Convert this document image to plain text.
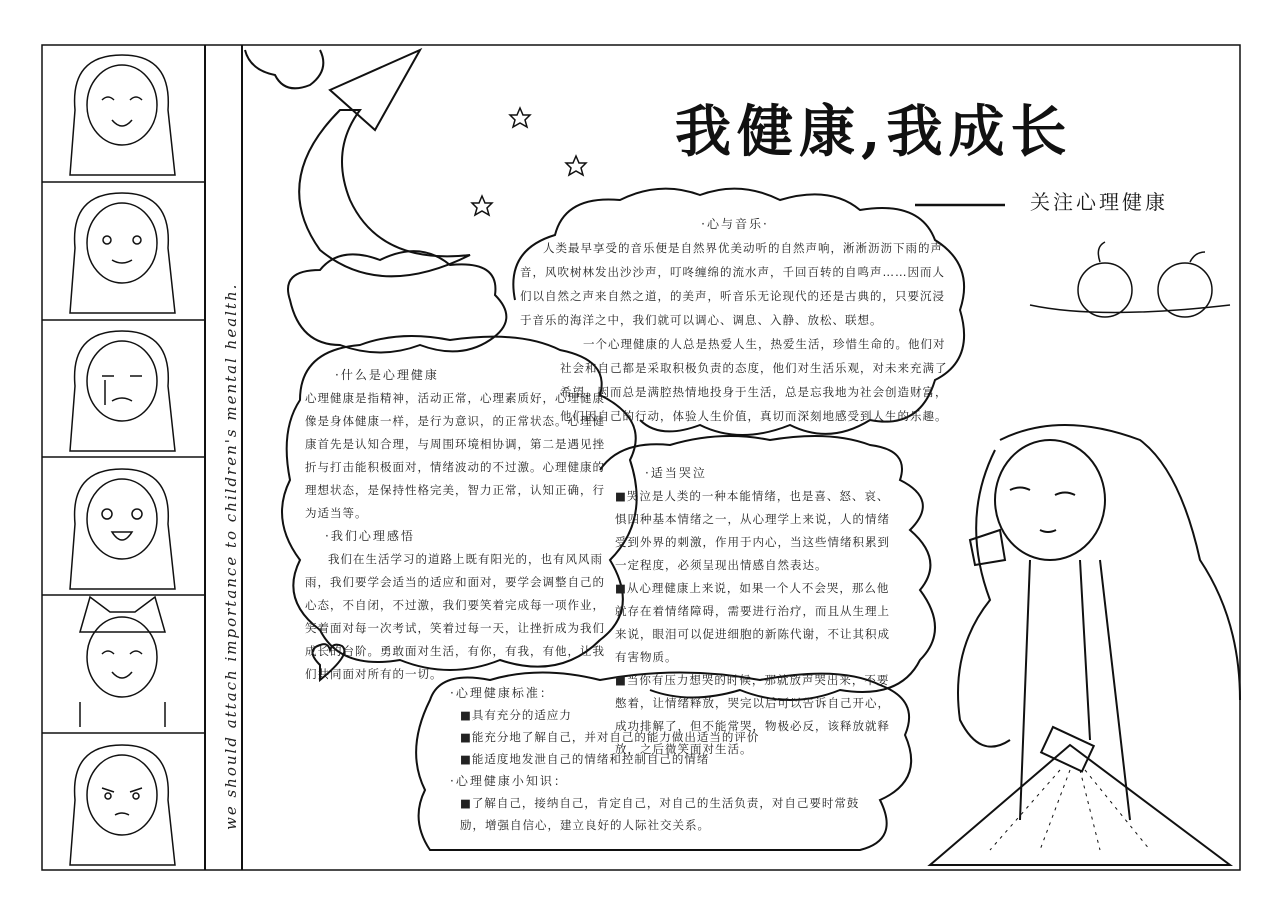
我健康,我成长
关注心理健康
we should attach importance to children's mental health.

·心与音乐·

人类最早享受的音乐便是自然界优美动听的自然声响，淅淅沥沥下雨的声音，风吹树林发出沙沙声，叮咚缠绵的流水声，千回百转的自鸣声……因而人们以自然之声来自然之道，的美声，听音乐无论现代的还是古典的，只要沉浸于音乐的海洋之中，我们就可以调心、调息、入静、放松、联想。

一个心理健康的人总是热爱人生，热爱生活，珍惜生命的。他们对社会和自己都是采取积极负责的态度，他们对生活乐观，对未来充满了希望，因而总是满腔热情地投身于生活，总是忘我地为社会创造财富，他们因自己的行动，体验人生价值，真切而深刻地感受到人生的乐趣。

·什么是心理健康

心理健康是指精神，活动正常，心理素质好，心理健康像是身体健康一样，是行为意识，的正常状态。心理健康首先是认知合理，与周围环境相协调，第二是遇见挫折与打击能积极面对，情绪波动的不过激。心理健康的理想状态，是保持性格完美，智力正常，认知正确，行为适当等。

·我们心理感悟

我们在生活学习的道路上既有阳光的，也有风风雨雨，我们要学会适当的适应和面对，要学会调整自己的心态，不自闭，不过激，我们要笑着完成每一项作业，笑着面对每一次考试，笑着过每一天，让挫折成为我们成长的台阶。勇敢面对生活，有你，有我，有他，让我们共同面对所有的一切。

·适当哭泣

■哭泣是人类的一种本能情绪，也是喜、怒、哀、惧四种基本情绪之一，从心理学上来说，人的情绪受到外界的刺激，作用于内心，当这些情绪积累到一定程度，必须呈现出情感自然表达。

■从心理健康上来说，如果一个人不会哭，那么他就存在着情绪障碍，需要进行治疗，而且从生理上来说，眼泪可以促进细胞的新陈代谢，不让其积成有害物质。

■当你有压力想哭的时候，那就放声哭出来，不要憋着，让情绪释放，哭完以后可以告诉自己开心，成功排解了，但不能常哭，物极必反，该释放就释放，之后微笑面对生活。

·心理健康标准：

■具有充分的适应力

■能充分地了解自己，并对自己的能力做出适当的评价

■能适度地发泄自己的情绪和控制自己的情绪

·心理健康小知识：

■了解自己，接纳自己，肯定自己，对自己的生活负责，对自己要时常鼓励，增强自信心，建立良好的人际社交关系。
